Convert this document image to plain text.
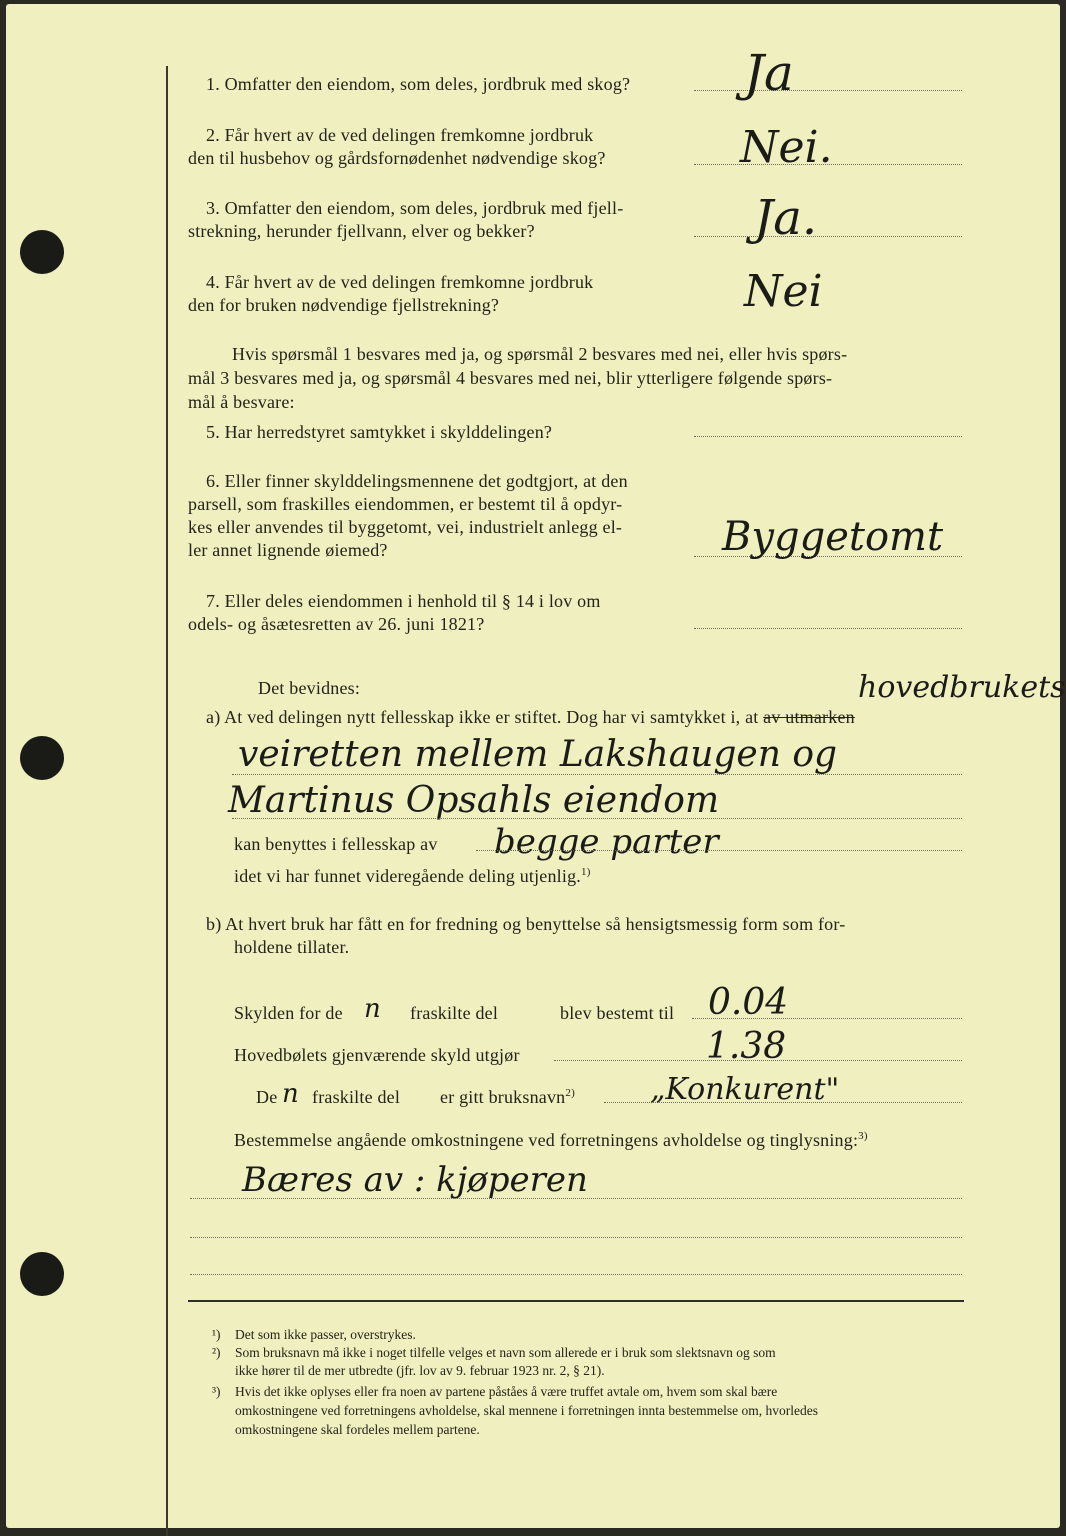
1. Omfatter den eiendom, som deles, jordbruk med skog? Ja
2. Får hvert av de ved delingen fremkomne jordbruk
den til husbehov og gårdsfornødenhet nødvendige skog?	Nei.
3. Omfatter den eiendom, som deles, jordbruk med fjell-
strekning, herunder fjellvann, elver og bekker?	Ja.
4. Får hvert av de ved delingen fremkomne jordbruk
den for bruken nødvendige fjellstrekning?	Nei
Hvis spørsmål 1 besvares med ja, og spørsmål 2 besvares med nei, eller hvis spørs-
mål 3 besvares med ja, og spørsmål 4 besvares med nei, blir ytterligere følgende spørs-
mål å besvare:
5. Har herredstyret samtykket i skylddelingen?
6. Eller finner skylddelingsmennene det godtgjort, at den
parsell, som fraskilles eiendommen, er bestemt til å opdyr-
kes eller anvendes til byggetomt, vei, industrielt anlegg el-
ler annet lignende øiemed?	Byggetomt
7. Eller deles eiendommen i henhold til § 14 i lov om
odels- og åsætesretten av 26. juni 1821?
Det bevidnes:	hovedbrukets
a) At ved delingen nytt fellesskap ikke er stiftet. Dog har vi samtykket i, at av utmarken
veiretten mellem Lakshaugen og
Martinus Opsahls eiendom
kan benyttes i fellesskap av begge parter
idet vi har funnet videregående deling utjenlig.$^{1)}$
b) At hvert bruk har fått en for fredning og benyttelse så hensigtsmessig form som for-
holdene tillater.
Skylden for de n fraskilte del	blev bestemt til 0.04
Hovedbølets gjenværende skyld utgjør	1.38
De n fraskilte del er gitt bruksnavn$^{2)}$	„Konkurent"
Bestemmelse angående omkostningene ved forretningens avholdelse og tinglysning:$^{3)}$
Bæres av : kjøperen
¹) Det som ikke passer, overstrykes.
²) Som bruksnavn må ikke i noget tilfelle velges et navn som allerede er i bruk som slektsnavn og som
ikke hører til de mer utbredte (jfr. lov av 9. februar 1923 nr. 2, § 21).
³) Hvis det ikke oplyses eller fra noen av partene påståes å være truffet avtale om, hvem som skal bære
omkostningene ved forretningens avholdelse, skal mennene i forretningen innta bestemmelse om, hvorledes
omkostningene skal fordeles mellem partene.
